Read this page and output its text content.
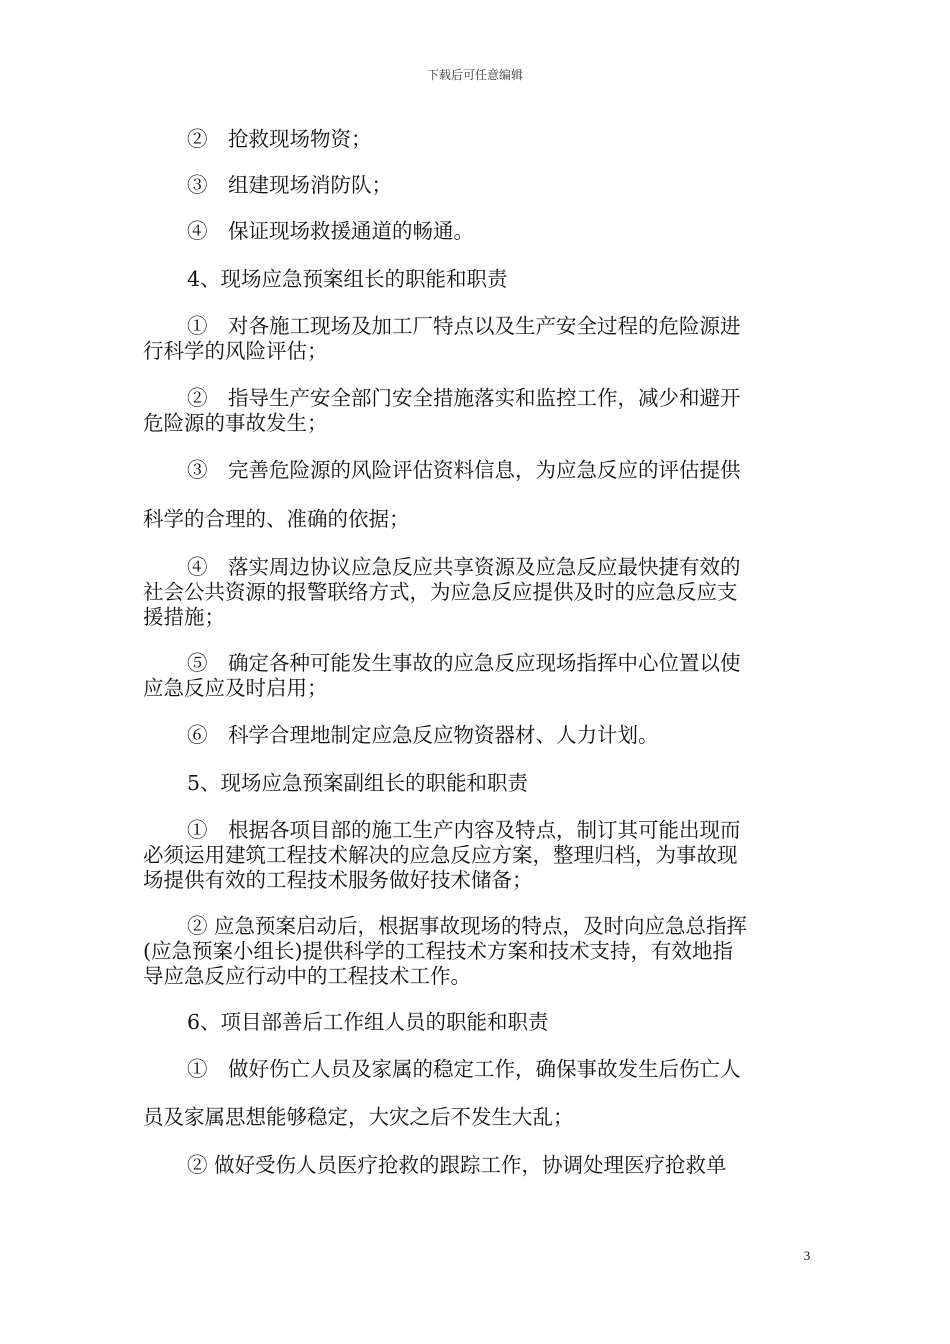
下载后可任意编辑
②　抢救现场物资；
③　组建现场消防队；
④　保证现场救援通道的畅通。
4、现场应急预案组长的职能和职责
①　对各施工现场及加工厂特点以及生产安全过程的危险源进
行科学的风险评估；
②　指导生产安全部门安全措施落实和监控工作，减少和避开
危险源的事故发生；
③　完善危险源的风险评估资料信息，为应急反应的评估提供
科学的合理的、准确的依据；
④　落实周边协议应急反应共享资源及应急反应最快捷有效的
社会公共资源的报警联络方式，为应急反应提供及时的应急反应支
援措施；
⑤　确定各种可能发生事故的应急反应现场指挥中心位置以使
应急反应及时启用；
⑥　科学合理地制定应急反应物资器材、人力计划。
5、现场应急预案副组长的职能和职责
①　根据各项目部的施工生产内容及特点，制订其可能出现而
必须运用建筑工程技术解决的应急反应方案，整理归档，为事故现
场提供有效的工程技术服务做好技术储备；
② 应急预案启动后，根据事故现场的特点，及时向应急总指挥
(应急预案小组长)提供科学的工程技术方案和技术支持，有效地指
导应急反应行动中的工程技术工作。
6、项目部善后工作组人员的职能和职责
①　做好伤亡人员及家属的稳定工作，确保事故发生后伤亡人
员及家属思想能够稳定，大灾之后不发生大乱；
② 做好受伤人员医疗抢救的跟踪工作，协调处理医疗抢救单
3
